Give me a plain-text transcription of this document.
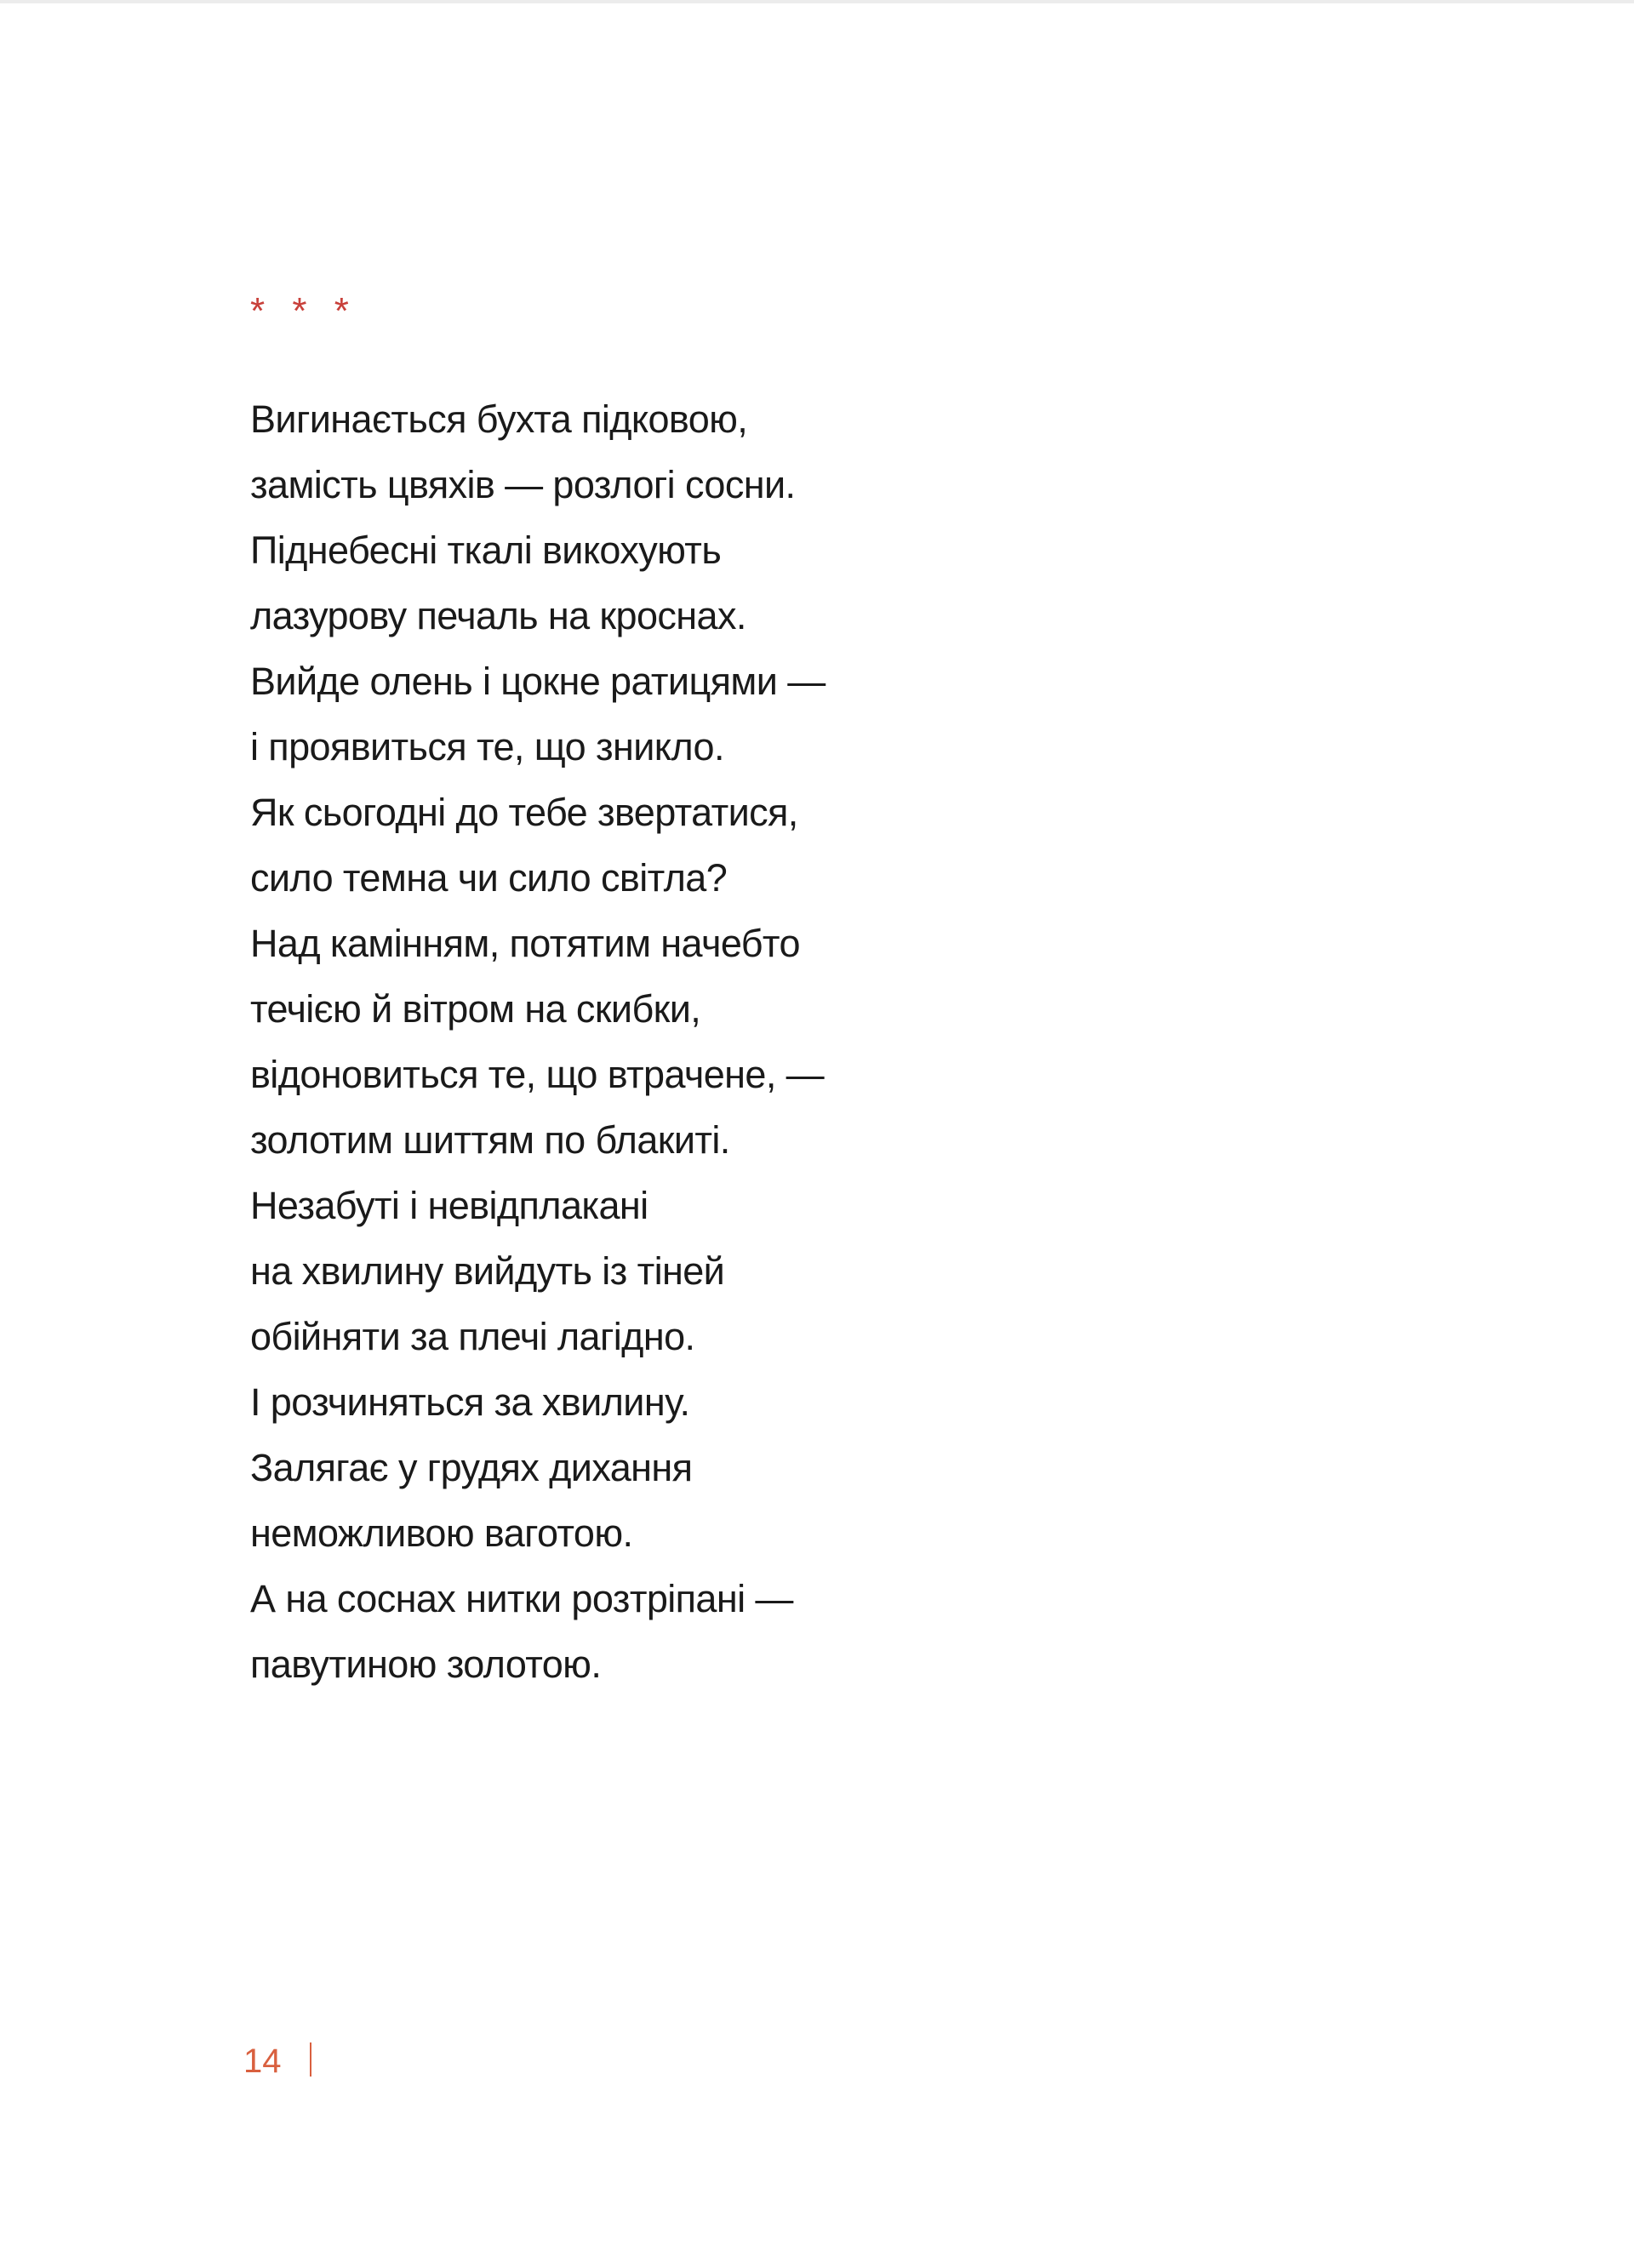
* * *
Вигинається бухта підковою,
замість цвяхів — розлогі сосни.
Піднебесні ткалі викохують
лазурову печаль на кроснах.
Вийде олень і цокне ратицями —
і проявиться те, що зникло.
Як сьогодні до тебе звертатися,
сило темна чи сило світла?
Над камінням, потятим начебто
течією й вітром на скибки,
відоновиться те, що втрачене, —
золотим шиттям по блакиті.
Незабуті і невідплакані
на хвилину вийдуть із тіней
обійняти за плечі лагідно.
І розчиняться за хвилину.
Залягає у грудях дихання
неможливою ваготою.
А на соснах нитки розтріпані —
павутиною золотою.
14
